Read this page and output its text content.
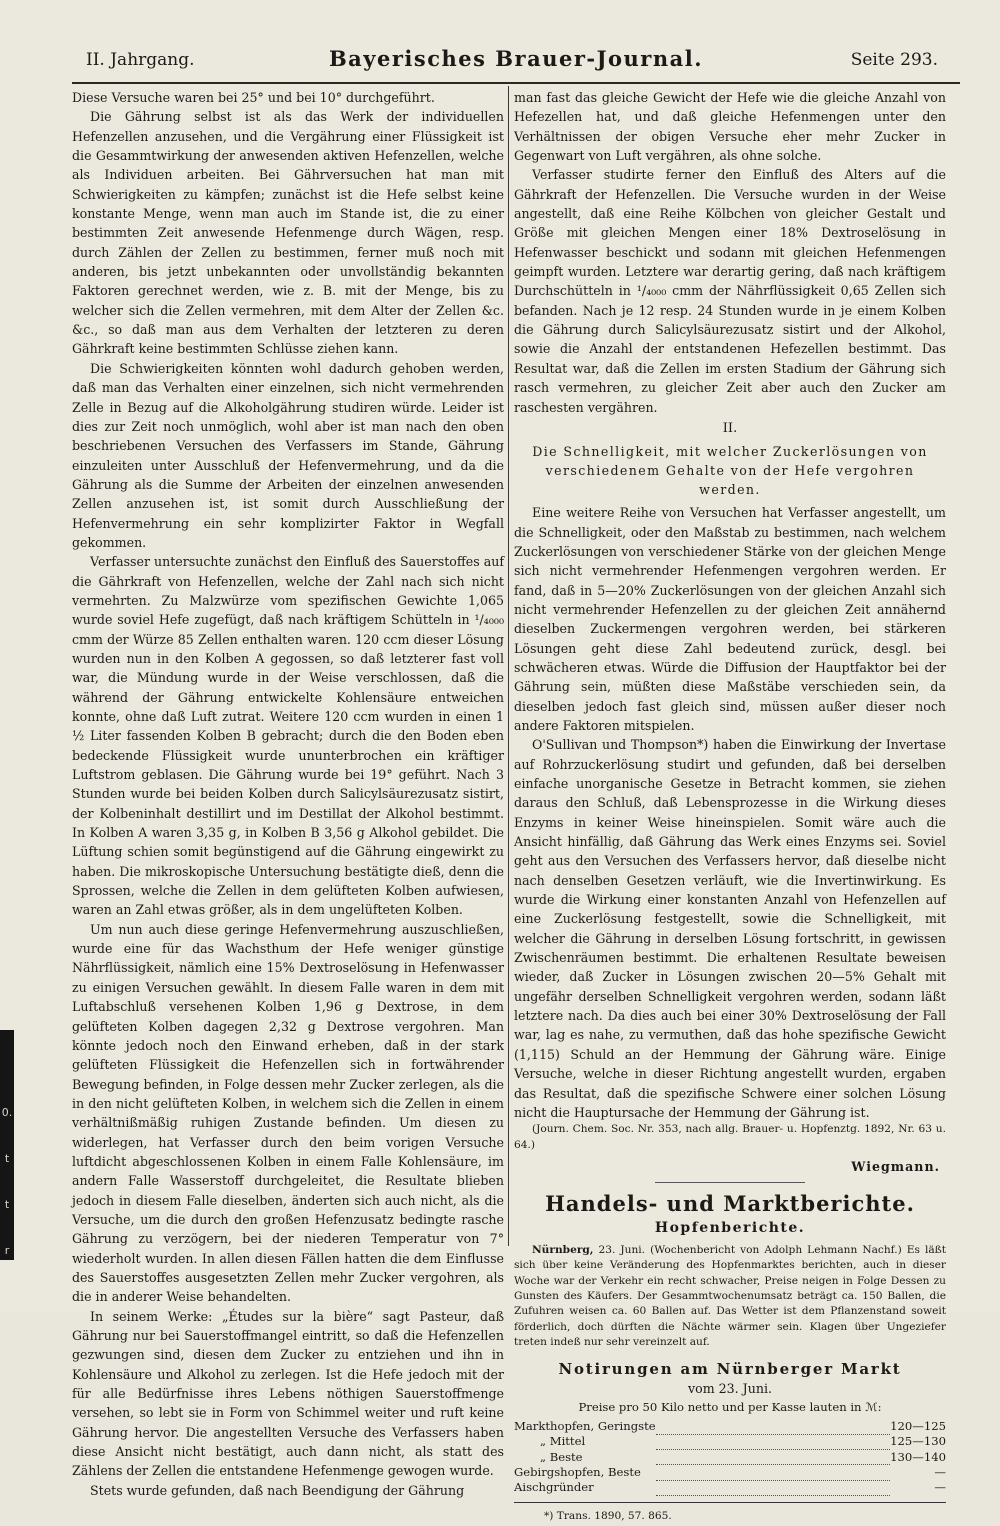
0.
t
t
r
II. Jahrgang.	Bayerisches Brauer-Journal.	Seite 293.

Diese Versuche waren bei 25° und bei 10° durchgeführt.

Die Gährung selbst ist als das Werk der individuellen Hefenzellen anzusehen, und die Vergährung einer Flüssigkeit ist die Gesammtwirkung der anwesenden aktiven Hefenzellen, welche als Individuen arbeiten. Bei Gährversuchen hat man mit Schwierigkeiten zu kämpfen; zunächst ist die Hefe selbst keine konstante Menge, wenn man auch im Stande ist, die zu einer bestimmten Zeit anwesende Hefenmenge durch Wägen, resp. durch Zählen der Zellen zu bestimmen, ferner muß noch mit anderen, bis jetzt unbekannten oder unvollständig bekannten Faktoren gerechnet werden, wie z. B. mit der Menge, bis zu welcher sich die Zellen vermehren, mit dem Alter der Zellen &c. &c., so daß man aus dem Verhalten der letzteren zu deren Gährkraft keine bestimmten Schlüsse ziehen kann.

Die Schwierigkeiten könnten wohl dadurch gehoben werden, daß man das Verhalten einer einzelnen, sich nicht vermehrenden Zelle in Bezug auf die Alkoholgährung studiren würde. Leider ist dies zur Zeit noch unmöglich, wohl aber ist man nach den oben beschriebenen Versuchen des Verfassers im Stande, Gährung einzuleiten unter Ausschluß der Hefenvermehrung, und da die Gährung als die Summe der Arbeiten der einzelnen anwesenden Zellen anzusehen ist, ist somit durch Ausschließung der Hefenvermehrung ein sehr komplizirter Faktor in Wegfall gekommen.

Verfasser untersuchte zunächst den Einfluß des Sauerstoffes auf die Gährkraft von Hefenzellen, welche der Zahl nach sich nicht vermehrten. Zu Malzwürze vom spezifischen Gewichte 1,065 wurde soviel Hefe zugefügt, daß nach kräftigem Schütteln in ¹/₄₀₀₀ cmm der Würze 85 Zellen enthalten waren. 120 ccm dieser Lösung wurden nun in den Kolben A gegossen, so daß letzterer fast voll war, die Mündung wurde in der Weise verschlossen, daß die während der Gährung entwickelte Kohlensäure entweichen konnte, ohne daß Luft zutrat. Weitere 120 ccm wurden in einen 1 ½ Liter fassenden Kolben B gebracht; durch die den Boden eben bedeckende Flüssigkeit wurde ununterbrochen ein kräftiger Luftstrom geblasen. Die Gährung wurde bei 19° geführt. Nach 3 Stunden wurde bei beiden Kolben durch Salicylsäurezusatz sistirt, der Kolbeninhalt destillirt und im Destillat der Alkohol bestimmt. In Kolben A waren 3,35 g, in Kolben B 3,56 g Alkohol gebildet. Die Lüftung schien somit begünstigend auf die Gährung eingewirkt zu haben. Die mikroskopische Untersuchung bestätigte dieß, denn die Sprossen, welche die Zellen in dem gelüfteten Kolben aufwiesen, waren an Zahl etwas größer, als in dem ungelüfteten Kolben.

Um nun auch diese geringe Hefenvermehrung auszuschließen, wurde eine für das Wachsthum der Hefe weniger günstige Nährflüssigkeit, nämlich eine 15% Dextroselösung in Hefenwasser zu einigen Versuchen gewählt. In diesem Falle waren in dem mit Luftabschluß versehenen Kolben 1,96 g Dextrose, in dem gelüfteten Kolben dagegen 2,32 g Dextrose vergohren. Man könnte jedoch noch den Einwand erheben, daß in der stark gelüfteten Flüssigkeit die Hefenzellen sich in fortwährender Bewegung befinden, in Folge dessen mehr Zucker zerlegen, als die in den nicht gelüfteten Kolben, in welchem sich die Zellen in einem verhältnißmäßig ruhigen Zustande befinden. Um diesen zu widerlegen, hat Verfasser durch den beim vorigen Versuche luftdicht abgeschlossenen Kolben in einem Falle Kohlensäure, im andern Falle Wasserstoff durchgeleitet, die Resultate blieben jedoch in diesem Falle dieselben, änderten sich auch nicht, als die Versuche, um die durch den großen Hefenzusatz bedingte rasche Gährung zu verzögern, bei der niederen Temperatur von 7° wiederholt wurden. In allen diesen Fällen hatten die dem Einflusse des Sauerstoffes ausgesetzten Zellen mehr Zucker vergohren, als die in anderer Weise behandelten.

In seinem Werke: „Études sur la bière“ sagt Pasteur, daß Gährung nur bei Sauerstoffmangel eintritt, so daß die Hefenzellen gezwungen sind, diesen dem Zucker zu entziehen und ihn in Kohlensäure und Alkohol zu zerlegen. Ist die Hefe jedoch mit der für alle Bedürfnisse ihres Lebens nöthigen Sauerstoffmenge versehen, so lebt sie in Form von Schimmel weiter und ruft keine Gährung hervor. Die angestellten Versuche des Verfassers haben diese Ansicht nicht bestätigt, auch dann nicht, als statt des Zählens der Zellen die entstandene Hefenmenge gewogen wurde.

Stets wurde gefunden, daß nach Beendigung der Gährung

man fast das gleiche Gewicht der Hefe wie die gleiche Anzahl von Hefezellen hat, und daß gleiche Hefenmengen unter den Verhältnissen der obigen Versuche eher mehr Zucker in Gegenwart von Luft vergähren, als ohne solche.

Verfasser studirte ferner den Einfluß des Alters auf die Gährkraft der Hefenzellen. Die Versuche wurden in der Weise angestellt, daß eine Reihe Kölbchen von gleicher Gestalt und Größe mit gleichen Mengen einer 18% Dextroselösung in Hefenwasser beschickt und sodann mit gleichen Hefenmengen geimpft wurden. Letztere war derartig gering, daß nach kräftigem Durchschütteln in ¹/₄₀₀₀ cmm der Nährflüssigkeit 0,65 Zellen sich befanden. Nach je 12 resp. 24 Stunden wurde in je einem Kolben die Gährung durch Salicylsäurezusatz sistirt und der Alkohol, sowie die Anzahl der entstandenen Hefezellen bestimmt. Das Resultat war, daß die Zellen im ersten Stadium der Gährung sich rasch vermehren, zu gleicher Zeit aber auch den Zucker am raschesten vergähren.

II.
Die Schnelligkeit, mit welcher Zuckerlösungen von verschiedenem Gehalte von der Hefe vergohren werden.

Eine weitere Reihe von Versuchen hat Verfasser angestellt, um die Schnelligkeit, oder den Maßstab zu bestimmen, nach welchem Zuckerlösungen von verschiedener Stärke von der gleichen Menge sich nicht vermehrender Hefenmengen vergohren werden. Er fand, daß in 5—20% Zuckerlösungen von der gleichen Anzahl sich nicht vermehrender Hefenzellen zu der gleichen Zeit annähernd dieselben Zuckermengen vergohren werden, bei stärkeren Lösungen geht diese Zahl bedeutend zurück, desgl. bei schwächeren etwas. Würde die Diffusion der Hauptfaktor bei der Gährung sein, müßten diese Maßstäbe verschieden sein, da dieselben jedoch fast gleich sind, müssen außer dieser noch andere Faktoren mitspielen.

O'Sullivan und Thompson*) haben die Einwirkung der Invertase auf Rohrzuckerlösung studirt und gefunden, daß bei derselben einfache unorganische Gesetze in Betracht kommen, sie ziehen daraus den Schluß, daß Lebensprozesse in die Wirkung dieses Enzyms in keiner Weise hineinspielen. Somit wäre auch die Ansicht hinfällig, daß Gährung das Werk eines Enzyms sei. Soviel geht aus den Versuchen des Verfassers hervor, daß dieselbe nicht nach denselben Gesetzen verläuft, wie die Invertinwirkung. Es wurde die Wirkung einer konstanten Anzahl von Hefenzellen auf eine Zuckerlösung festgestellt, sowie die Schnelligkeit, mit welcher die Gährung in derselben Lösung fortschritt, in gewissen Zwischenräumen bestimmt. Die erhaltenen Resultate beweisen wieder, daß Zucker in Lösungen zwischen 20—5% Gehalt mit ungefähr derselben Schnelligkeit vergohren werden, sodann läßt letztere nach. Da dies auch bei einer 30% Dextroselösung der Fall war, lag es nahe, zu vermuthen, daß das hohe spezifische Gewicht (1,115) Schuld an der Hemmung der Gährung wäre. Einige Versuche, welche in dieser Richtung angestellt wurden, ergaben das Resultat, daß die spezifische Schwere einer solchen Lösung nicht die Hauptursache der Hemmung der Gährung ist.

(Journ. Chem. Soc. Nr. 353, nach allg. Brauer- u. Hopfenztg. 1892, Nr. 63 u. 64.)

Wiegmann.
Handels- und Marktberichte.
Hopfenberichte.

Nürnberg, 23. Juni. (Wochenbericht von Adolph Lehmann Nachf.) Es läßt sich über keine Veränderung des Hopfenmarktes berichten, auch in dieser Woche war der Verkehr ein recht schwacher, Preise neigen in Folge Dessen zu Gunsten des Käufers. Der Gesammtwochenumsatz beträgt ca. 150 Ballen, die Zufuhren weisen ca. 60 Ballen auf. Das Wetter ist dem Pflanzenstand soweit förderlich, doch dürften die Nächte wärmer sein. Klagen über Ungeziefer treten indeß nur sehr vereinzelt auf.

Notirungen am Nürnberger Markt
vom 23. Juni.
Preise pro 50 Kilo netto und per Kasse lauten in ℳ:
Markthopfen, Geringste		120—125
„ Mittel		125—130
„ Beste		130—140
Gebirgshopfen, Beste		—
Aischgründer		—
*) Trans. 1890, 57. 865.
